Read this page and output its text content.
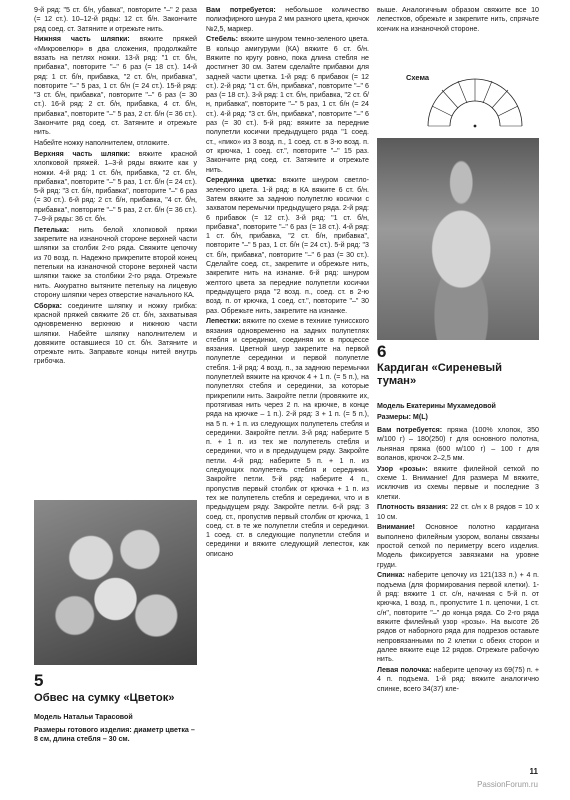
9-й ряд: "5 ст. б/н, убавка", повторите "–" 2 раза (= 12 ст.). 10–12-й ряды: 12 ст. б/н. Закончите ряд соед. ст. Затяните и отрежьте нить.

Нижняя часть шляпки: вяжите пряжей «Микровелюр» в два сложения, продолжайте вязать на петлях ножки. 13-й ряд: "1 ст. б/н, прибавка", повторите "–" 6 раз (= 18 ст.). 14-й ряд: 1 ст. б/н, прибавка, "2 ст. б/н, прибавка", повторите "–" 5 раз, 1 ст. б/н (= 24 ст.). 15-й ряд: "3 ст. б/н, прибавка", повторите "–" 6 раз (= 30 ст.). 16-й ряд: 2 ст. б/н, прибавка, 4 ст. б/н, прибавка", повторите "–" 5 раз, 2 ст. б/н (= 36 ст.). Закончите ряд соед. ст. Затяните и отрежьте нить.

Набейте ножку наполнителем, отложите.

Верхняя часть шляпки: вяжите красной хлопковой пряжей. 1–3-й ряды вяжите как у ножки. 4-й ряд: 1 ст. б/н, прибавка, "2 ст. б/н, прибавка", повторите "–" 5 раз, 1 ст. б/н (= 24 ст.). 5-й ряд: "3 ст. б/н, прибавка", повторите "–" 6 раз (= 30 ст.). 6-й ряд: 2 ст. б/н, прибавка, "4 ст. б/н, прибавка", повторите "–" 5 раз, 2 ст. б/н (= 36 ст.). 7–9-й ряды: 36 ст. б/н.

Петелька: нить белой хлопковой пряжи закрепите на изнаночной стороне верхней части шляпки за столбик 2-го ряда. Свяжите цепочку из 70 возд. п. Надежно прикрепите второй конец петельки на изнаночной стороне верхней части шляпки также за столбики 2-го ряда. Отрежьте нить. Аккуратно вытяните петельку на лицевую сторону шляпки через отверстие начального КА.

Сборка: соедините шляпку и ножку грибка: красной пряжей свяжите 26 ст. б/н, захватывая одновременно верхнюю и нижнюю части шляпки. Набейте шляпку наполнителем и довяжите оставшиеся 10 ст. б/н. Затяните и отрежьте нить. Заправьте концы нитей внутрь грибочка.

5
Обвес на сумку «Цветок»
Модель Натальи Тарасовой
Размеры готового изделия: диаметр цветка – 8 см, длина стебля – 30 см.

Вам потребуется: небольшое количество полиэфирного шнура 2 мм разного цвета, крючок №2,5, маркер.

Стебель: вяжите шнуром темно-зеленого цвета. В кольцо амигуруми (КА) вяжите 6 ст. б/н. Вяжите по кругу ровно, пока длина стебля не достигнет 30 см. Затем сделайте прибавки для задней части цветка. 1-й ряд: 6 прибавок (= 12 ст.). 2-й ряд: "1 ст. б/н, прибавка", повторите "–" 6 раз (= 18 ст.). 3-й ряд: 1 ст. б/н, прибавка, "2 ст. б/н, прибавка", повторите "–" 5 раз, 1 ст. б/н (= 24 ст.). 4-й ряд: "3 ст. б/н, прибавка", повторите "–" 6 раз (= 30 ст.). 5-й ряд: вяжите за передние полупетли косички предыдущего ряда "1 соед. ст., «пико» из 3 возд. п., 1 соед. ст. в 3-ю возд. п. от крючка, 1 соед. ст.", повторите "–" 15 раз. Закончите ряд соед. ст. Затяните и отрежьте нить.

Серединка цветка: вяжите шнуром светло-зеленого цвета. 1-й ряд: в КА вяжите 6 ст. б/н. Затем вяжите за заднюю полупетлю косички с захватом перемычки предыдущего ряда. 2-й ряд: 6 прибавок (= 12 ст.). 3-й ряд: "1 ст. б/н, прибавка", повторите "–" 6 раз (= 18 ст.). 4-й ряд: 1 ст. б/н, прибавка, "2 ст. б/н, прибавка", повторите "–" 5 раз, 1 ст. б/н (= 24 ст.). 5-й ряд: "3 ст. б/н, прибавка", повторите "–" 6 раз (= 30 ст.). Сделайте соед. ст., закрепите и обрежьте нить, закрепите нить на изнанке. 6-й ряд: шнуром желтого цвета за передние полупетли косички предыдущего ряда "2 возд. п., соед. ст. в 2-ю возд. п. от крючка, 1 соед. ст.", повторите "–" 30 раз. Обрежьте нить, закрепите на изнанке.

Лепестки: вяжите по схеме в технике тунисского вязания одновременно на задних полупетлях стебля и серединки, соединяя их в процессе вязания. Цветной шнур закрепите на первой полупетле серединки и первой полупетле стебля. 1-й ряд: 4 возд. п., за заднюю перемычки полупетлей вяжите на крючок 4 + 1 п. (= 5 п.), на полупетлях стебля и серединки, за которые прикрепили нить. Закройте петли (провяжите их, протягивая нить через 2 п. на крючке, в конце ряда на крючке – 1 п.). 2-й ряд: 3 + 1 п. (= 5 п.), на 5 п. + 1 п. из следующих полупетель стебля и серединки. Закройте петли. 3-й ряд: наберите 5 п. + 1 п. из тех же полупетель стебля и серединки, что и в предыдущем ряду. Закройте петли. 4-й ряд: наберите 5 п. + 1 п. из следующих полупетель стебля и серединки. Закройте петли. 5-й ряд: наберите 4 п., пропустив первый столбик от крючка + 1 п. из тех же полупетель стебля и серединки, что и в предыдущем ряду. Закройте петли. 6-й ряд: 3 соед. ст., пропустив первый столбик от крючка, 1 соед. ст. в те же полупетли стебля и серединки. 1 соед. ст. в следующие полупетли стебля и серединки и вяжите следующий лепесток, как описано

выше. Аналогичным образом свяжите все 10 лепестков, обрежьте и закрепите нить, спрячьте кончик на изнаночной стороне.

Схема
6
Кардиган «Сиреневый туман»
Модель Екатерины Мухамедовой
Размеры: M(L)

Вам потребуется: пряжа (100% хлопок, 350 м/100 г) – 180(250) г для основного полотна, льняная пряжа (600 м/100 г) – 100 г для воланов, крючок 2–2,5 мм.

Узор «розы»: вяжите филейной сеткой по схеме 1. Внимание! Для размера M вяжите, исключив из схемы первые и последние 3 клетки.

Плотность вязания: 22 ст. с/н х 8 рядов = 10 х 10 см.

Внимание! Основное полотно кардигана выполнено филейным узором, воланы связаны простой сеткой по периметру всего изделия. Модель фиксируется завязками на уровне груди.

Спинка: наберите цепочку из 121(133 п.) + 4 п. подъема (для формирования первой клетки). 1-й ряд: вяжите 1 ст. с/н, начиная с 5-й п. от крючка, 1 возд. п., пропустите 1 п. цепочки, 1 ст. с/н", повторите "–" до конца ряда. Со 2-го ряда вяжите филейный узор «розы». На высоте 26 рядов от наборного ряда для подрезов оставьте непровязанными по 2 клетки с обеих сторон и далее вяжите еще 12 рядов. Отрежьте рабочую нить.

Левая полочка: наберите цепочку из 69(75) п. + 4 п. подъема. 1-й ряд: вяжите аналогично спинке, всего 34(37) кле-

11
PassionForum.ru
